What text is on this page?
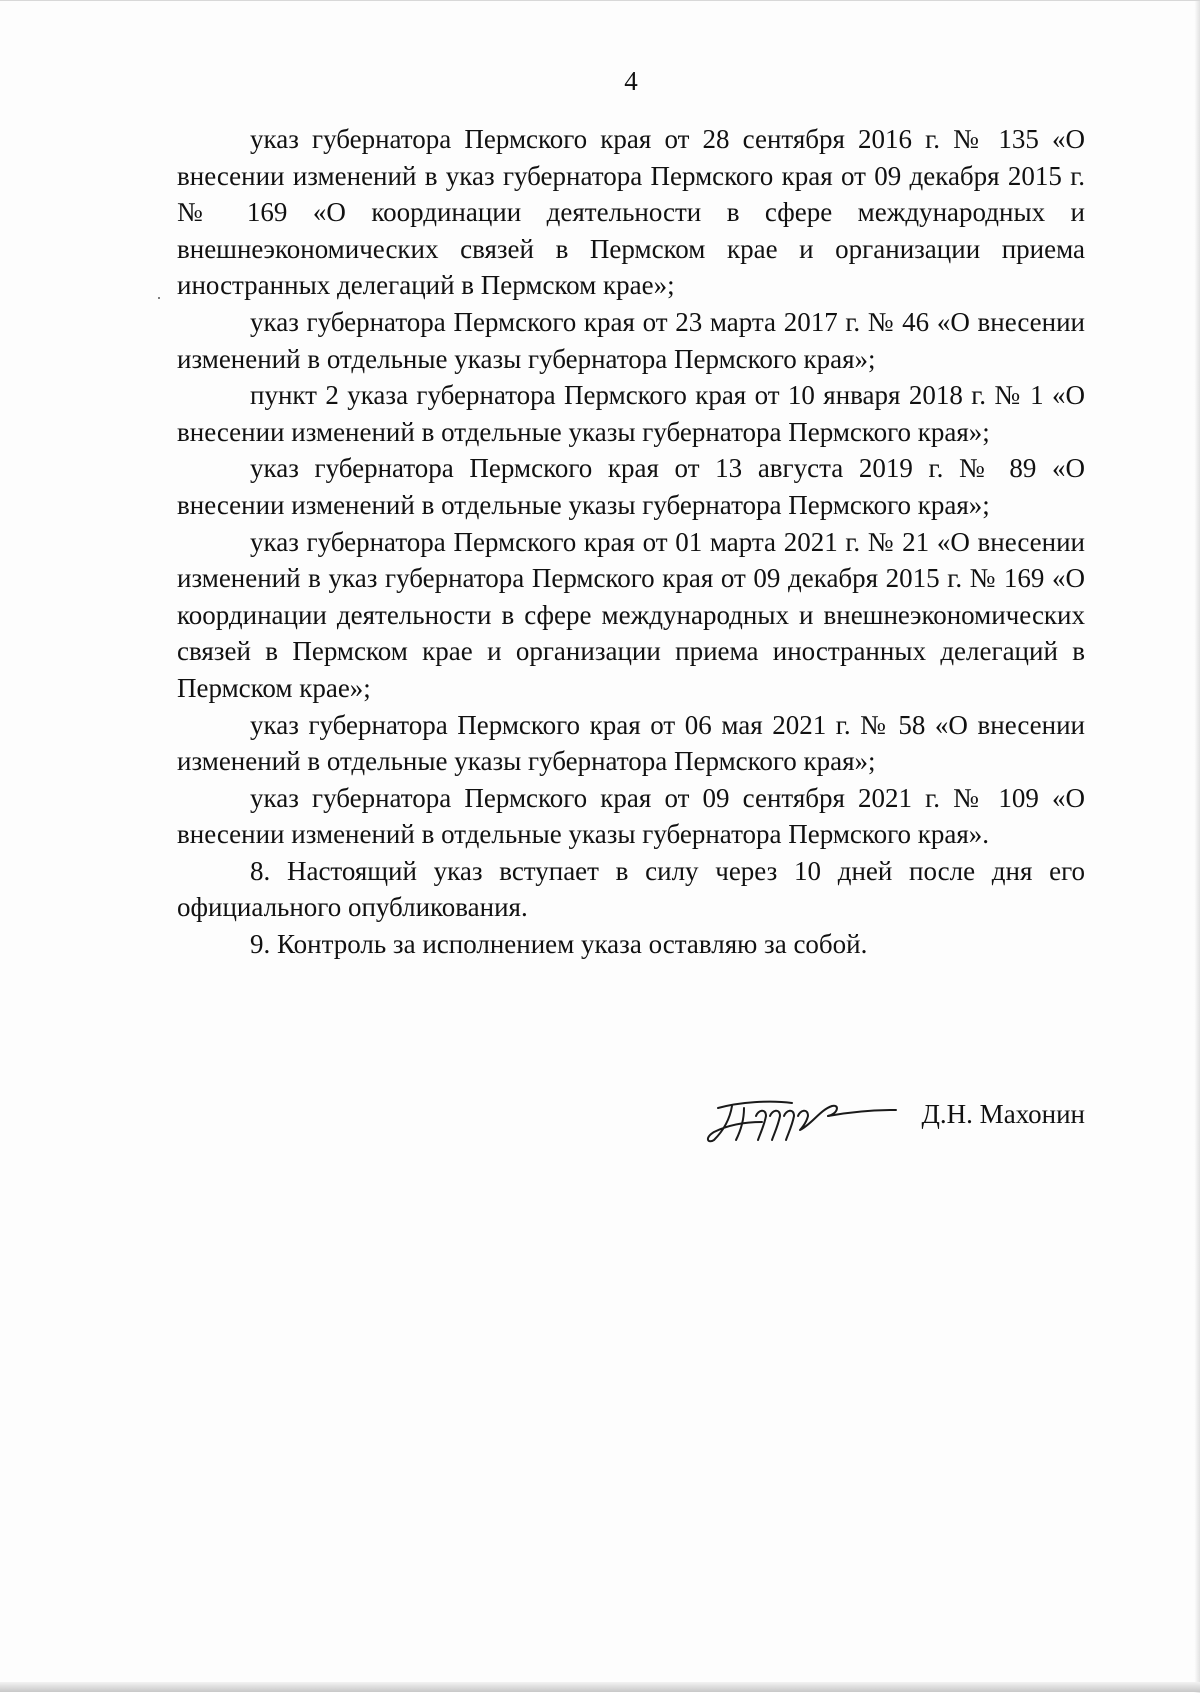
4

указ губернатора Пермского края от 28 сентября 2016 г. № 135 «О внесении изменений в указ губернатора Пермского края от 09 декабря 2015 г. № 169 «О координации деятельности в сфере международных и внешнеэкономических связей в Пермском крае и организации приема иностранных делегаций в Пермском крае»;

указ губернатора Пермского края от 23 марта 2017 г. № 46 «О внесении изменений в отдельные указы губернатора Пермского края»;

пункт 2 указа губернатора Пермского края от 10 января 2018 г. № 1 «О внесении изменений в отдельные указы губернатора Пермского края»;

указ губернатора Пермского края от 13 августа 2019 г. № 89 «О внесении изменений в отдельные указы губернатора Пермского края»;

указ губернатора Пермского края от 01 марта 2021 г. № 21 «О внесении изменений в указ губернатора Пермского края от 09 декабря 2015 г. № 169 «О координации деятельности в сфере международных и внешнеэкономических связей в Пермском крае и организации приема иностранных делегаций в Пермском крае»;

указ губернатора Пермского края от 06 мая 2021 г. № 58 «О внесении изменений в отдельные указы губернатора Пермского края»;

указ губернатора Пермского края от 09 сентября 2021 г. № 109 «О внесении изменений в отдельные указы губернатора Пермского края».

8. Настоящий указ вступает в силу через 10 дней после дня его официального опубликования.

9. Контроль за исполнением указа оставляю за собой.

Д.Н. Махонин
